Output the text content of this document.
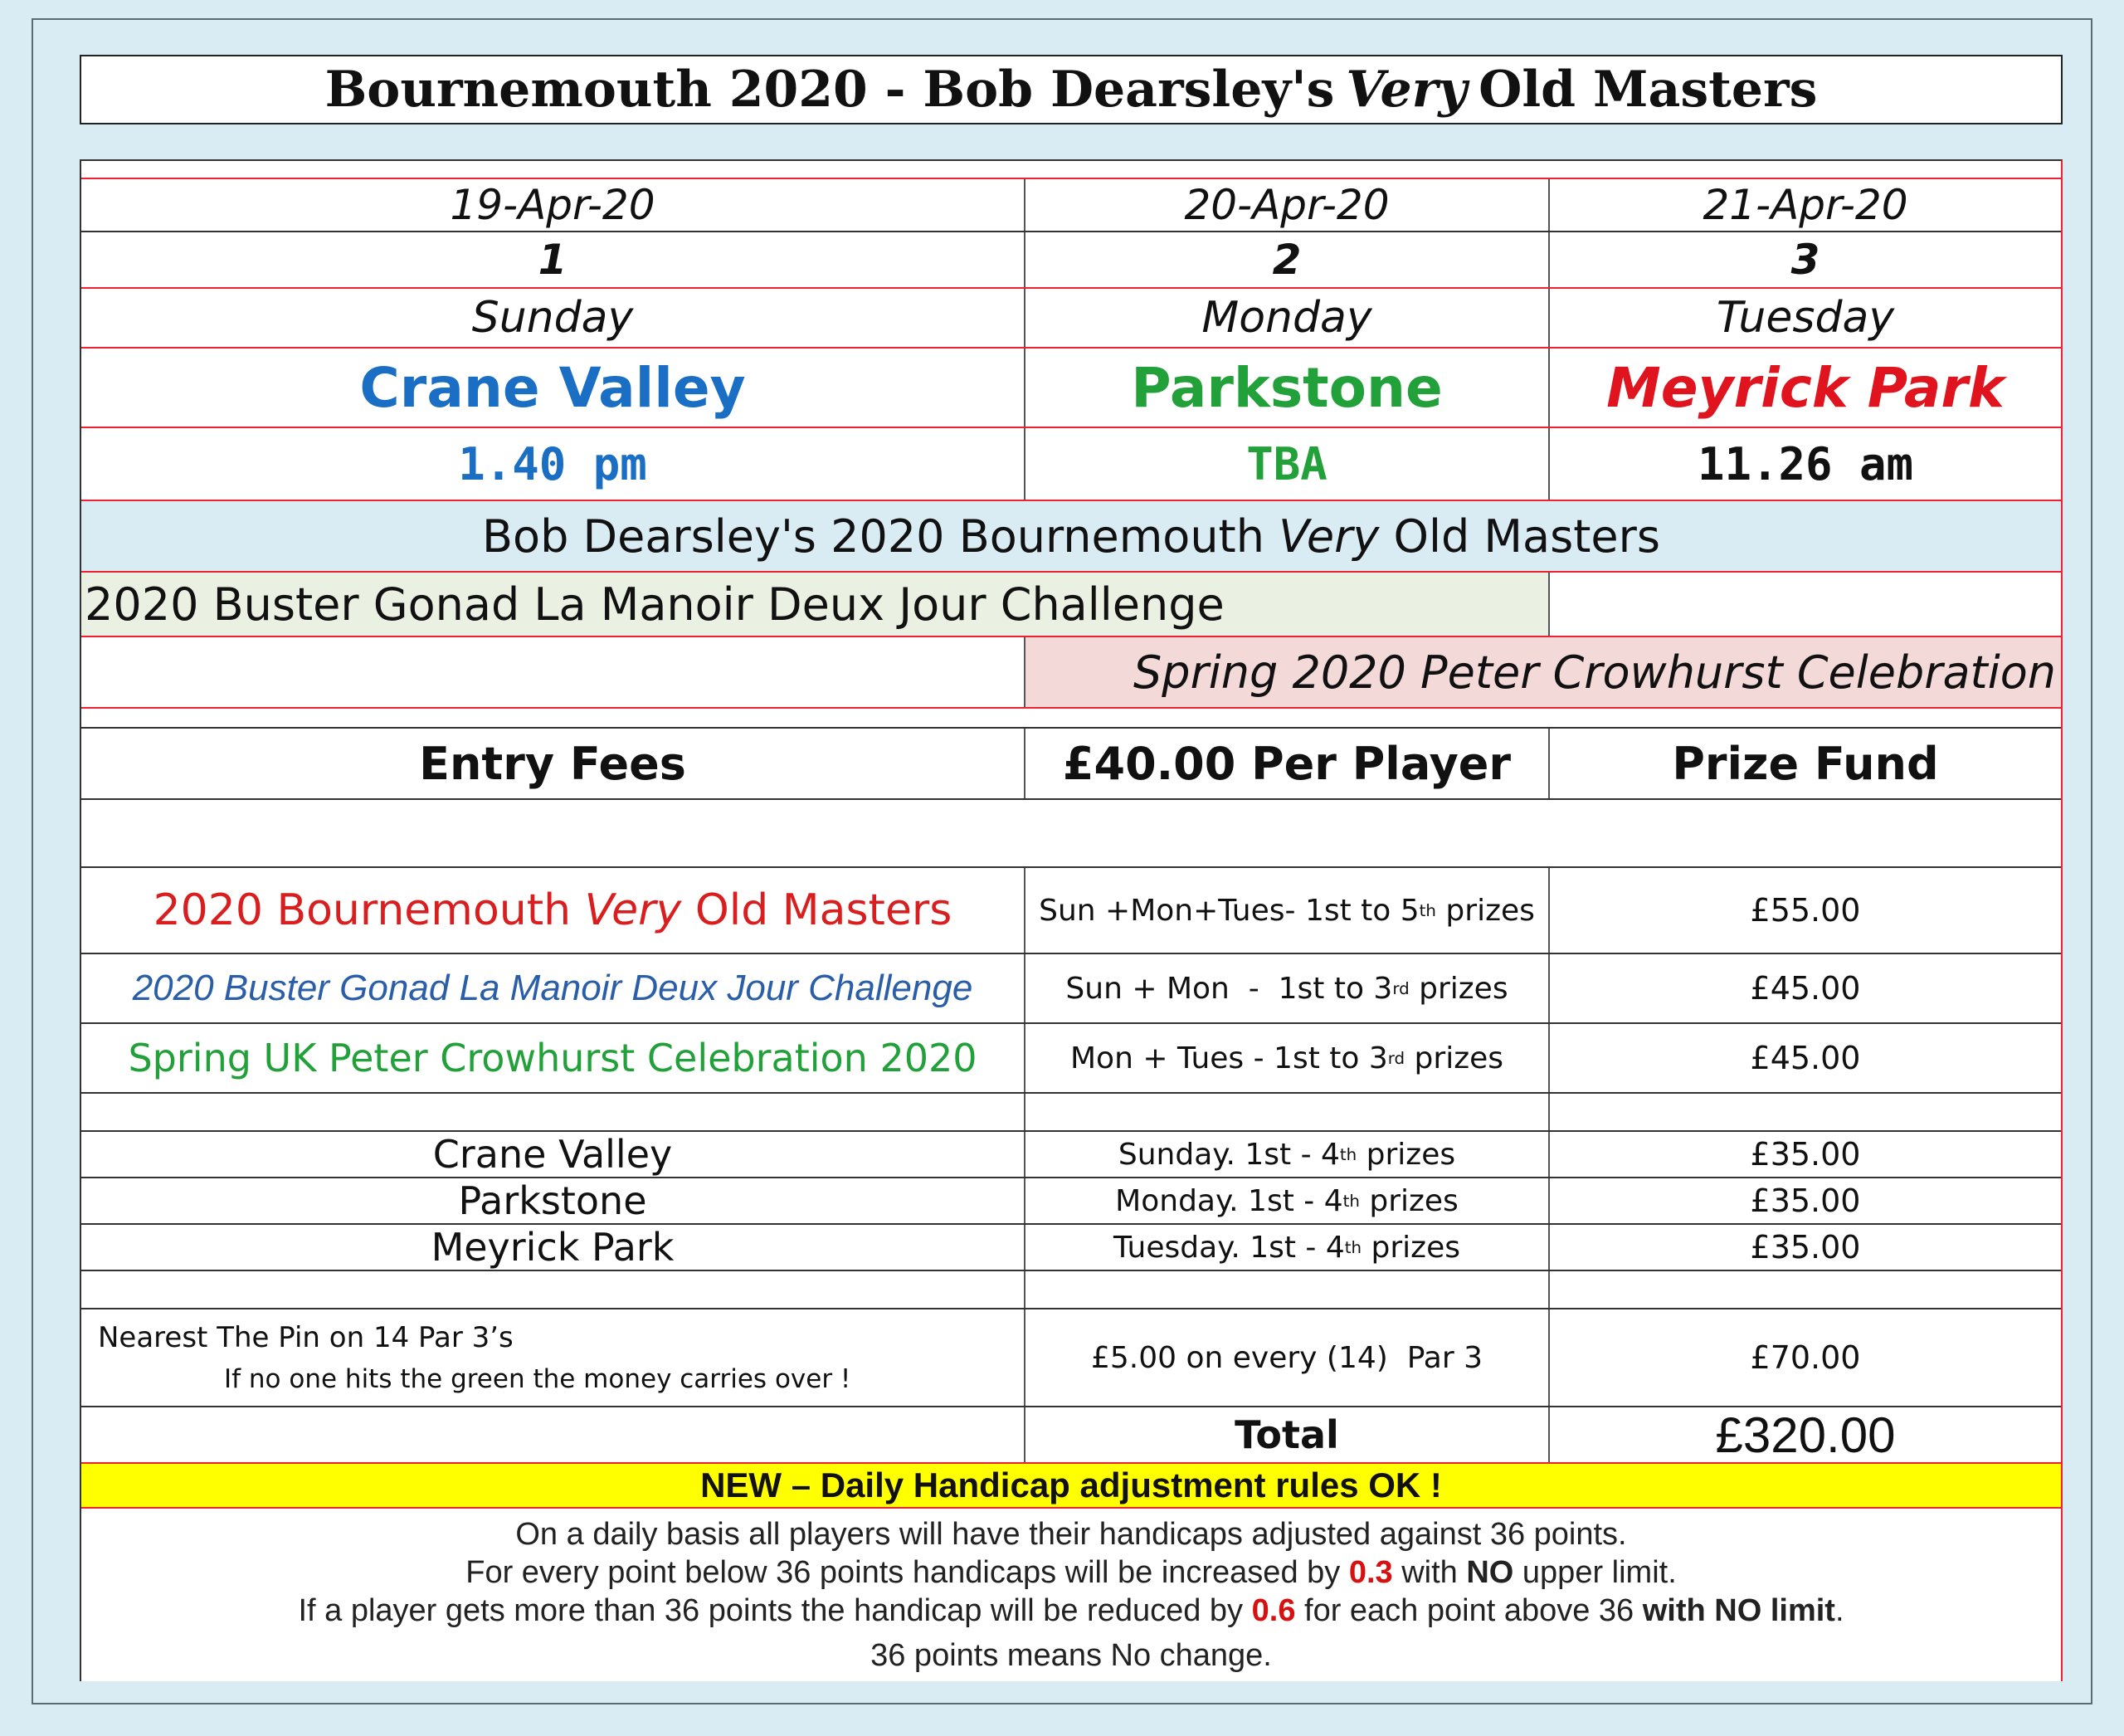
Bournemouth 2020 - Bob Dearsley's Very Old Masters
19-Apr-20	20-Apr-20	21-Apr-20
1	2	3
Sunday	Monday	Tuesday
Crane Valley	Parkstone	Meyrick Park
1.40 pm	TBA	11.26 am
Bob Dearsley's 2020 Bournemouth
Very
Old Masters
2020 Buster Gonad La Manoir Deux Jour Challenge
Spring 2020 Peter Crowhurst Celebration
Entry Fees	£40.00 Per Player	Prize Fund
2020 Bournemouth
Very
Old Masters	Sun +Mon+Tues- 1st to 5 th prizes	£55.00
2020 Buster Gonad La Manoir Deux Jour Challenge	Sun + Mon  -  1st to 3 rd prizes	£45.00
Spring UK Peter Crowhurst Celebration 2020	Mon + Tues - 1st to 3 rd prizes	£45.00
Crane Valley	Sunday. 1st - 4 th prizes	£35.00
Parkstone	Monday. 1st - 4 th prizes	£35.00
Meyrick Park	Tuesday. 1st - 4 th prizes	£35.00
Nearest The Pin on 14 Par 3’s
If no one hits the green the money carries over !
£5.00 on every (14)  Par 3	£70.00
Total	£320.00
NEW – Daily Handicap adjustment rules OK !
On a daily basis all players will have their handicaps adjusted against 36 points.
For every point below 36 points handicaps will be increased by 0.3 with NO upper limit.
If a player gets more than 36 points the handicap will be reduced by 0.6 for each point above 36 with NO limit.
36 points means No change.
